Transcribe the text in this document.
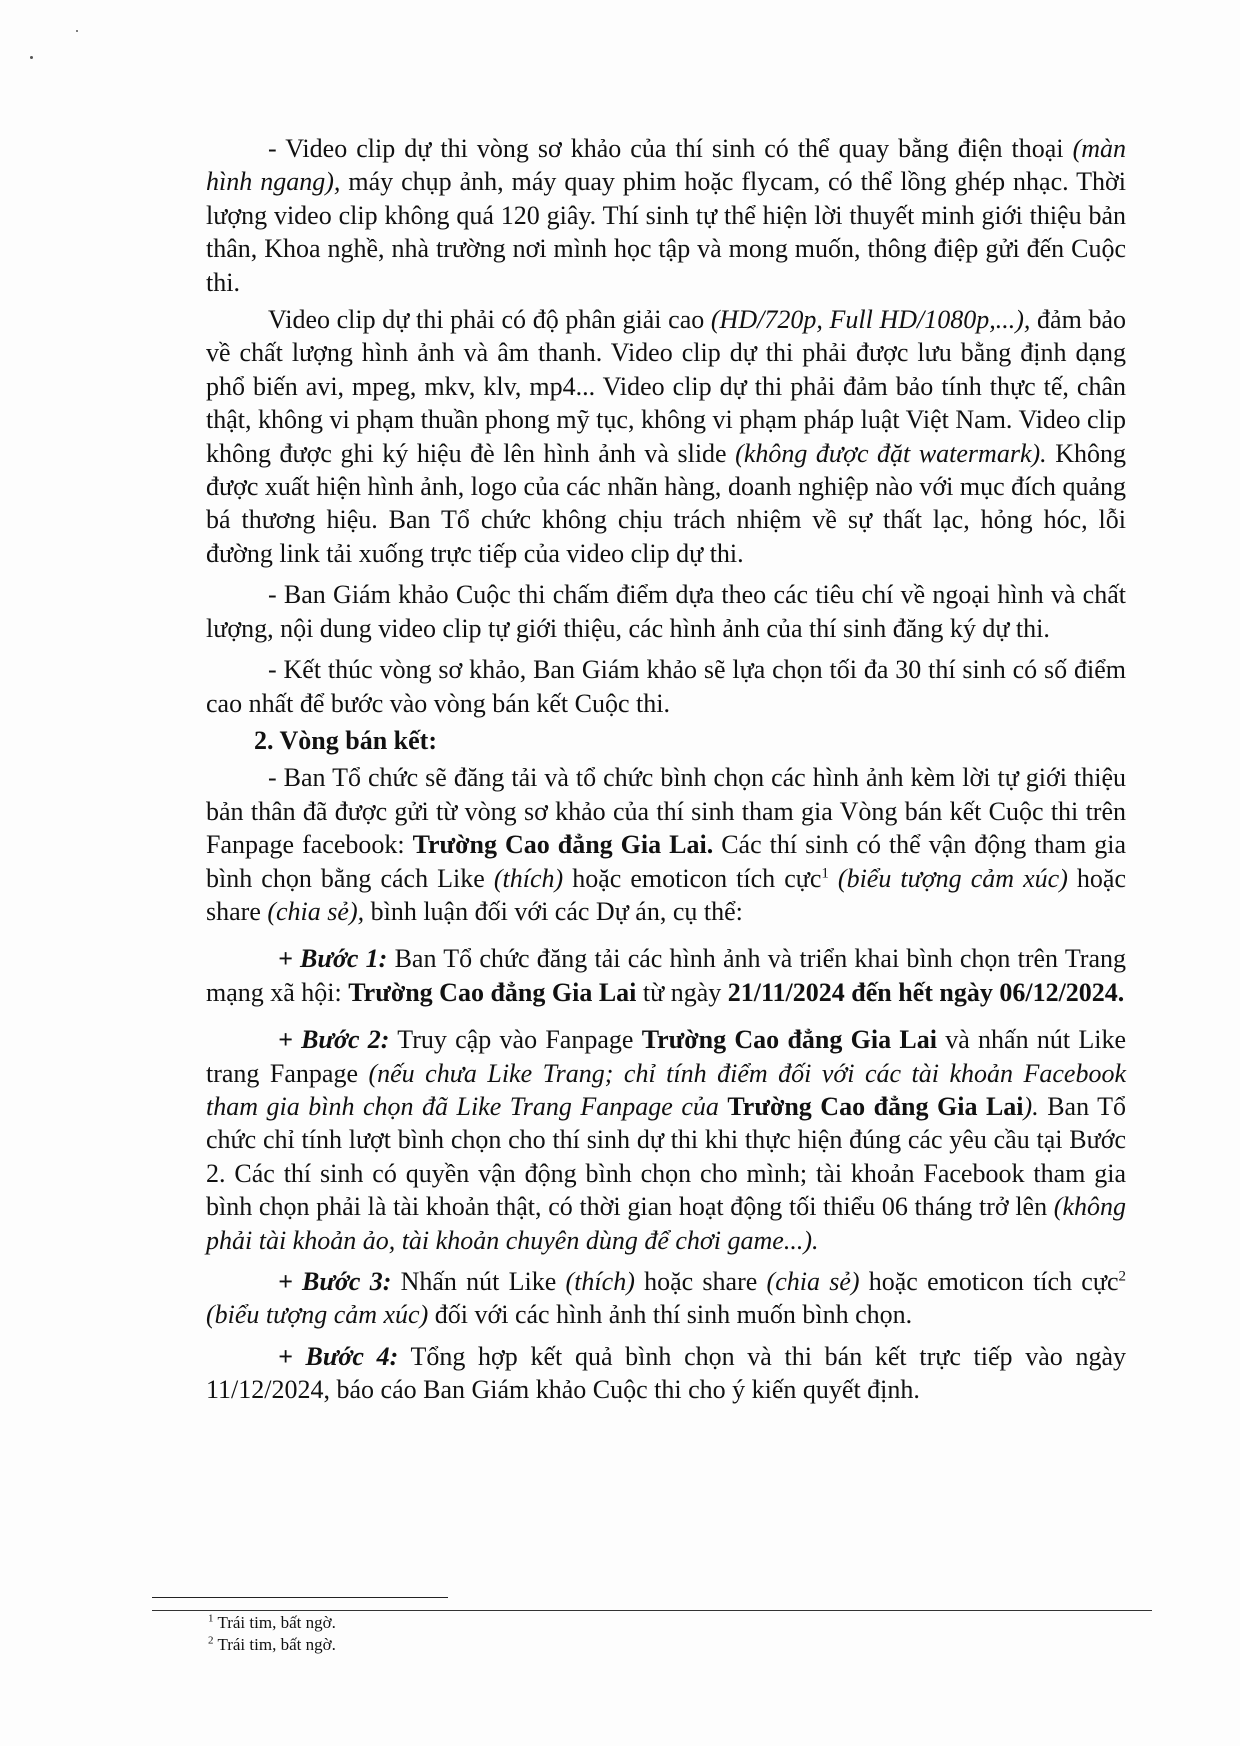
- Video clip dự thi vòng sơ khảo của thí sinh có thể quay bằng điện thoại (màn hình ngang), máy chụp ảnh, máy quay phim hoặc flycam, có thể lồng ghép nhạc. Thời lượng video clip không quá 120 giây. Thí sinh tự thể hiện lời thuyết minh giới thiệu bản thân, Khoa nghề, nhà trường nơi mình học tập và mong muốn, thông điệp gửi đến Cuộc thi.

Video clip dự thi phải có độ phân giải cao (HD/720p, Full HD/1080p,...), đảm bảo về chất lượng hình ảnh và âm thanh. Video clip dự thi phải được lưu bằng định dạng phổ biến avi, mpeg, mkv, klv, mp4... Video clip dự thi phải đảm bảo tính thực tế, chân thật, không vi phạm thuần phong mỹ tục, không vi phạm pháp luật Việt Nam. Video clip không được ghi ký hiệu đè lên hình ảnh và slide (không được đặt watermark). Không được xuất hiện hình ảnh, logo của các nhãn hàng, doanh nghiệp nào với mục đích quảng bá thương hiệu. Ban Tổ chức không chịu trách nhiệm về sự thất lạc, hỏng hóc, lỗi đường link tải xuống trực tiếp của video clip dự thi.

- Ban Giám khảo Cuộc thi chấm điểm dựa theo các tiêu chí về ngoại hình và chất lượng, nội dung video clip tự giới thiệu, các hình ảnh của thí sinh đăng ký dự thi.

- Kết thúc vòng sơ khảo, Ban Giám khảo sẽ lựa chọn tối đa 30 thí sinh có số điểm cao nhất để bước vào vòng bán kết Cuộc thi.

2. Vòng bán kết:

- Ban Tổ chức sẽ đăng tải và tổ chức bình chọn các hình ảnh kèm lời tự giới thiệu bản thân đã được gửi từ vòng sơ khảo của thí sinh tham gia Vòng bán kết Cuộc thi trên Fanpage facebook: Trường Cao đẳng Gia Lai. Các thí sinh có thể vận động tham gia bình chọn bằng cách Like (thích) hoặc emoticon tích cực$^1$ (biểu tượng cảm xúc) hoặc share (chia sẻ), bình luận đối với các Dự án, cụ thể:

+ Bước 1: Ban Tổ chức đăng tải các hình ảnh và triển khai bình chọn trên Trang mạng xã hội: Trường Cao đẳng Gia Lai từ ngày 21/11/2024 đến hết ngày 06/12/2024.

+ Bước 2: Truy cập vào Fanpage Trường Cao đẳng Gia Lai và nhấn nút Like trang Fanpage (nếu chưa Like Trang; chỉ tính điểm đối với các tài khoản Facebook tham gia bình chọn đã Like Trang Fanpage của Trường Cao đẳng Gia Lai). Ban Tổ chức chỉ tính lượt bình chọn cho thí sinh dự thi khi thực hiện đúng các yêu cầu tại Bước 2. Các thí sinh có quyền vận động bình chọn cho mình; tài khoản Facebook tham gia bình chọn phải là tài khoản thật, có thời gian hoạt động tối thiểu 06 tháng trở lên (không phải tài khoản ảo, tài khoản chuyên dùng để chơi game...).

+ Bước 3: Nhấn nút Like (thích) hoặc share (chia sẻ) hoặc emoticon tích cực$^2$ (biểu tượng cảm xúc) đối với các hình ảnh thí sinh muốn bình chọn.

+ Bước 4: Tổng hợp kết quả bình chọn và thi bán kết trực tiếp vào ngày 11/12/2024, báo cáo Ban Giám khảo Cuộc thi cho ý kiến quyết định.

$^1$ Trái tim, bất ngờ.

$^2$ Trái tim, bất ngờ.
